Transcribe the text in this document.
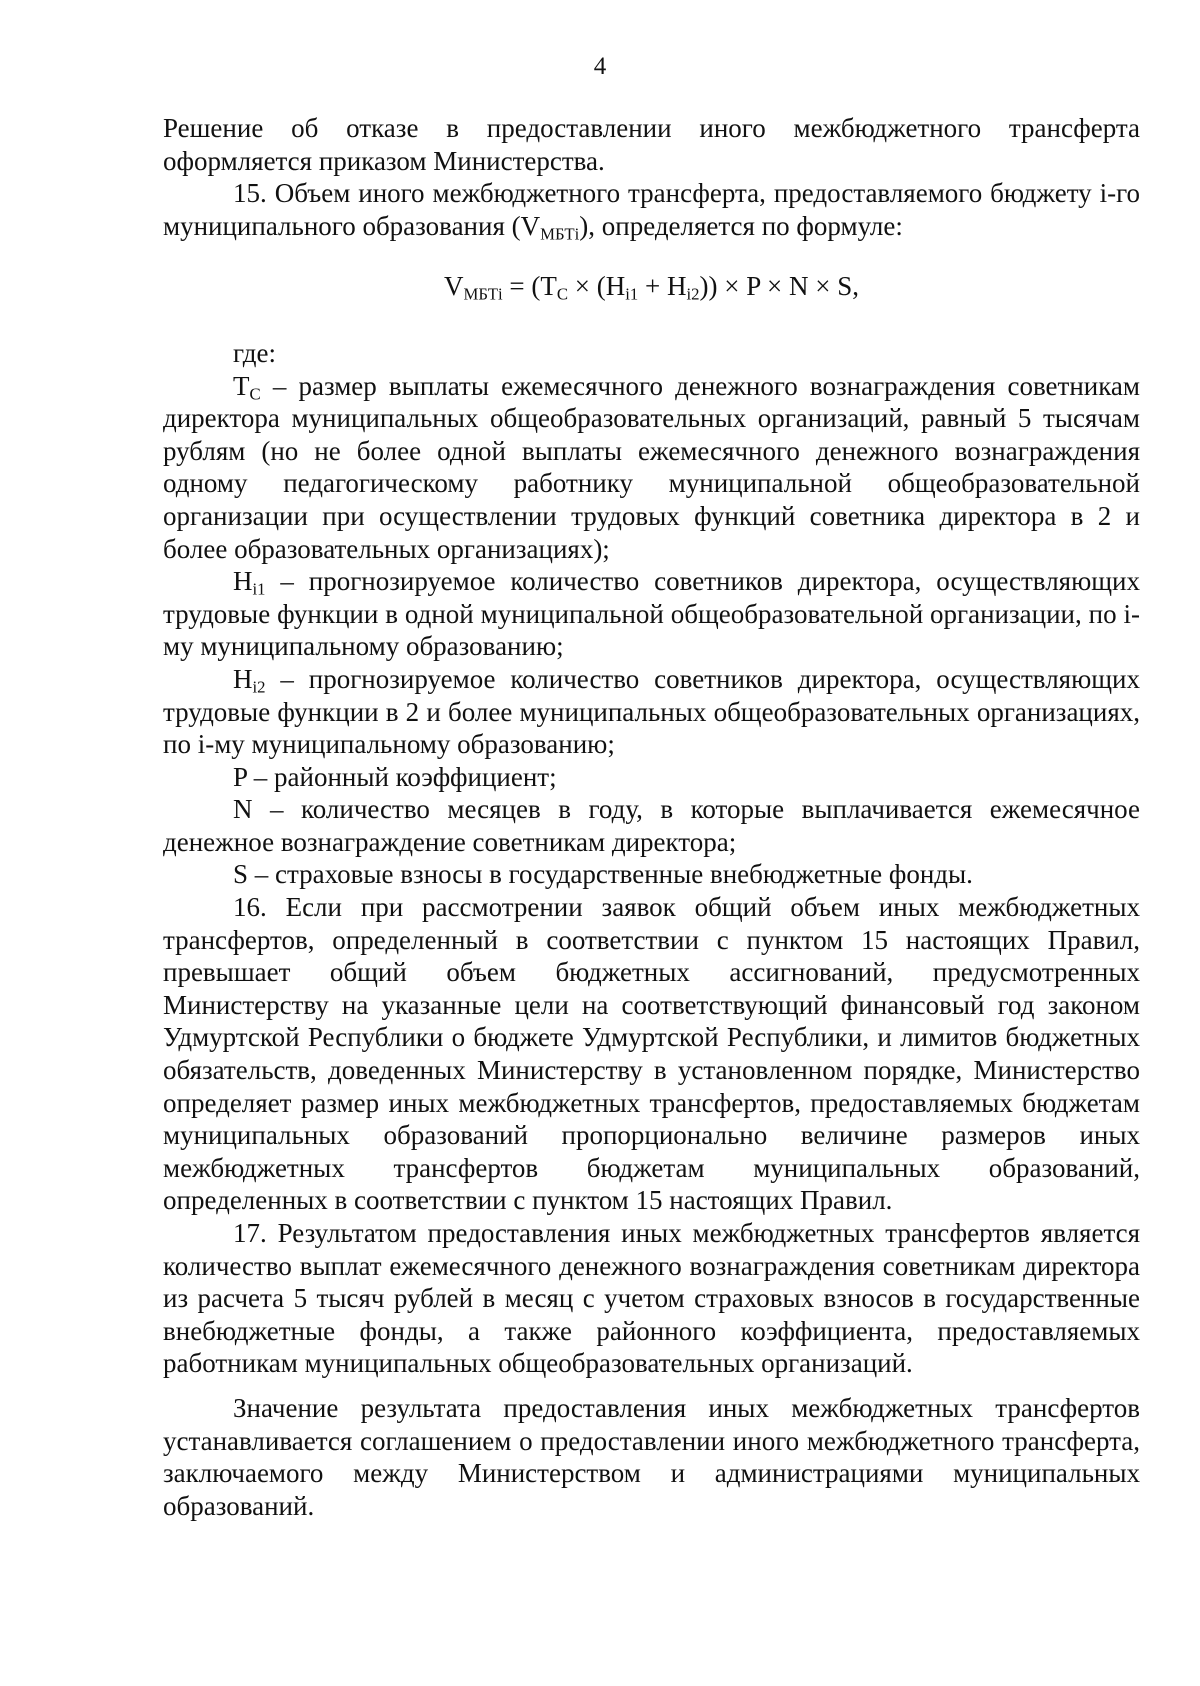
4

Решение об отказе в предоставлении иного межбюджетного трансферта оформляется приказом Министерства.

15. Объем иного межбюджетного трансферта, предоставляемого бюджету i-го муниципального образования $(V_{МБТi})$, определяется по формуле:

$V_{МБТi} = (T_C \times (H_{i1} + H_{i2})) \times P \times N \times S$,

где:

$T_C$ – размер выплаты ежемесячного денежного вознаграждения советникам директора муниципальных общеобразовательных организаций, равный 5 тысячам рублям (но не более одной выплаты ежемесячного денежного вознаграждения одному педагогическому работнику муниципальной общеобразовательной организации при осуществлении трудовых функций советника директора в 2 и более образовательных организациях);

$H_{i1}$ – прогнозируемое количество советников директора, осуществляющих трудовые функции в одной муниципальной общеобразовательной организации, по i-му муниципальному образованию;

$H_{i2}$ – прогнозируемое количество советников директора, осуществляющих трудовые функции в 2 и более муниципальных общеобразовательных организациях, по i-му муниципальному образованию;

P – районный коэффициент;

N – количество месяцев в году, в которые выплачивается ежемесячное денежное вознаграждение советникам директора;

S – страховые взносы в государственные внебюджетные фонды.

16. Если при рассмотрении заявок общий объем иных межбюджетных трансфертов, определенный в соответствии с пунктом 15 настоящих Правил, превышает общий объем бюджетных ассигнований, предусмотренных Министерству на указанные цели на соответствующий финансовый год законом Удмуртской Республики о бюджете Удмуртской Республики, и лимитов бюджетных обязательств, доведенных Министерству в установленном порядке, Министерство определяет размер иных межбюджетных трансфертов, предоставляемых бюджетам муниципальных образований пропорционально величине размеров иных межбюджетных трансфертов бюджетам муниципальных образований, определенных в соответствии с пунктом 15 настоящих Правил.

17. Результатом предоставления иных межбюджетных трансфертов является количество выплат ежемесячного денежного вознаграждения советникам директора из расчета 5 тысяч рублей в месяц с учетом страховых взносов в государственные внебюджетные фонды, а также районного коэффициента, предоставляемых работникам муниципальных общеобразовательных организаций.

Значение результата предоставления иных межбюджетных трансфертов устанавливается соглашением о предоставлении иного межбюджетного трансферта, заключаемого между Министерством и администрациями муниципальных образований.
